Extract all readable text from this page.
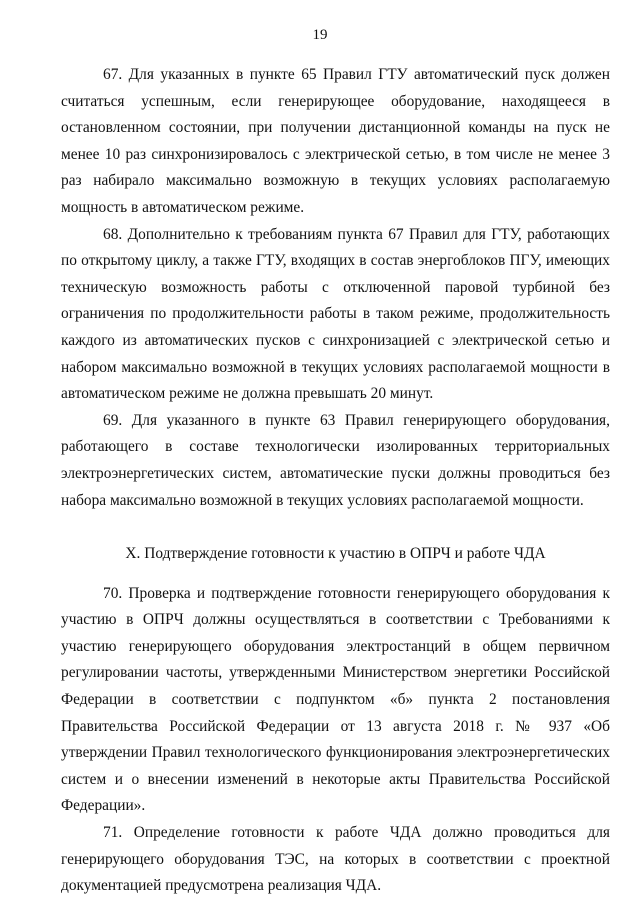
19

67. Для указанных в пункте 65 Правил ГТУ автоматический пуск должен считаться успешным, если генерирующее оборудование, находящееся в остановленном состоянии, при получении дистанционной команды на пуск не менее 10 раз синхронизировалось с электрической сетью, в том числе не менее 3 раз набирало максимально возможную в текущих условиях располагаемую мощность в автоматическом режиме.

68. Дополнительно к требованиям пункта 67 Правил для ГТУ, работающих по открытому циклу, а также ГТУ, входящих в состав энергоблоков ПГУ, имеющих техническую возможность работы с отключенной паровой турбиной без ограничения по продолжительности работы в таком режиме, продолжительность каждого из автоматических пусков с синхронизацией с электрической сетью и набором максимально возможной в текущих условиях располагаемой мощности в автоматическом режиме не должна превышать 20 минут.

69. Для указанного в пункте 63 Правил генерирующего оборудования, работающего в составе технологически изолированных территориальных электроэнергетических систем, автоматические пуски должны проводиться без набора максимально возможной в текущих условиях располагаемой мощности.

X. Подтверждение готовности к участию в ОПРЧ и работе ЧДА

70. Проверка и подтверждение готовности генерирующего оборудования к участию в ОПРЧ должны осуществляться в соответствии с Требованиями к участию генерирующего оборудования электростанций в общем первичном регулировании частоты, утвержденными Министерством энергетики Российской Федерации в соответствии с подпунктом «б» пункта 2 постановления Правительства Российской Федерации от 13 августа 2018 г. № 937 «Об утверждении Правил технологического функционирования электроэнергетических систем и о внесении изменений в некоторые акты Правительства Российской Федерации».

71. Определение готовности к работе ЧДА должно проводиться для генерирующего оборудования ТЭС, на которых в соответствии с проектной документацией предусмотрена реализация ЧДА.
